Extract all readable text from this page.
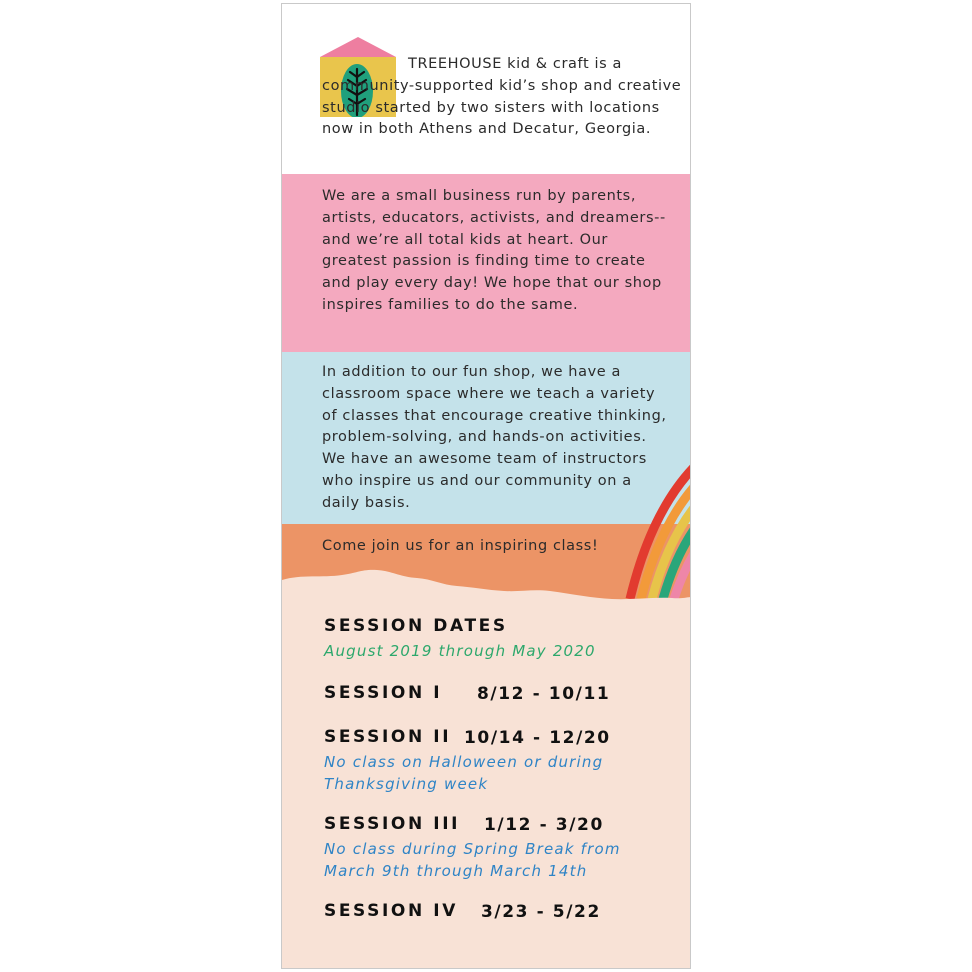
TREEHOUSE kid & craft is a community-supported kid’s shop and creative studio started by two sisters with locations now in both Athens and Decatur, Georgia.

We are a small business run by parents, artists, educators, activists, and dreamers--and we’re all total kids at heart. Our greatest passion is finding time to create and play every day! We hope that our shop inspires families to do the same.

In addition to our fun shop, we have a classroom space where we teach a variety of classes that encourage creative thinking, problem-solving, and hands-on activities. We have an awesome team of instructors who inspire us and our community on a daily basis.

Come join us for an inspiring class!

SESSION DATES
August 2019 through May 2020
SESSION I 8/12 - 10/11
SESSION II 10/14 - 12/20
No class on Halloween or during Thanksgiving week
SESSION III 1/12 - 3/20
No class during Spring Break from March 9th through March 14th
SESSION IV 3/23 - 5/22
